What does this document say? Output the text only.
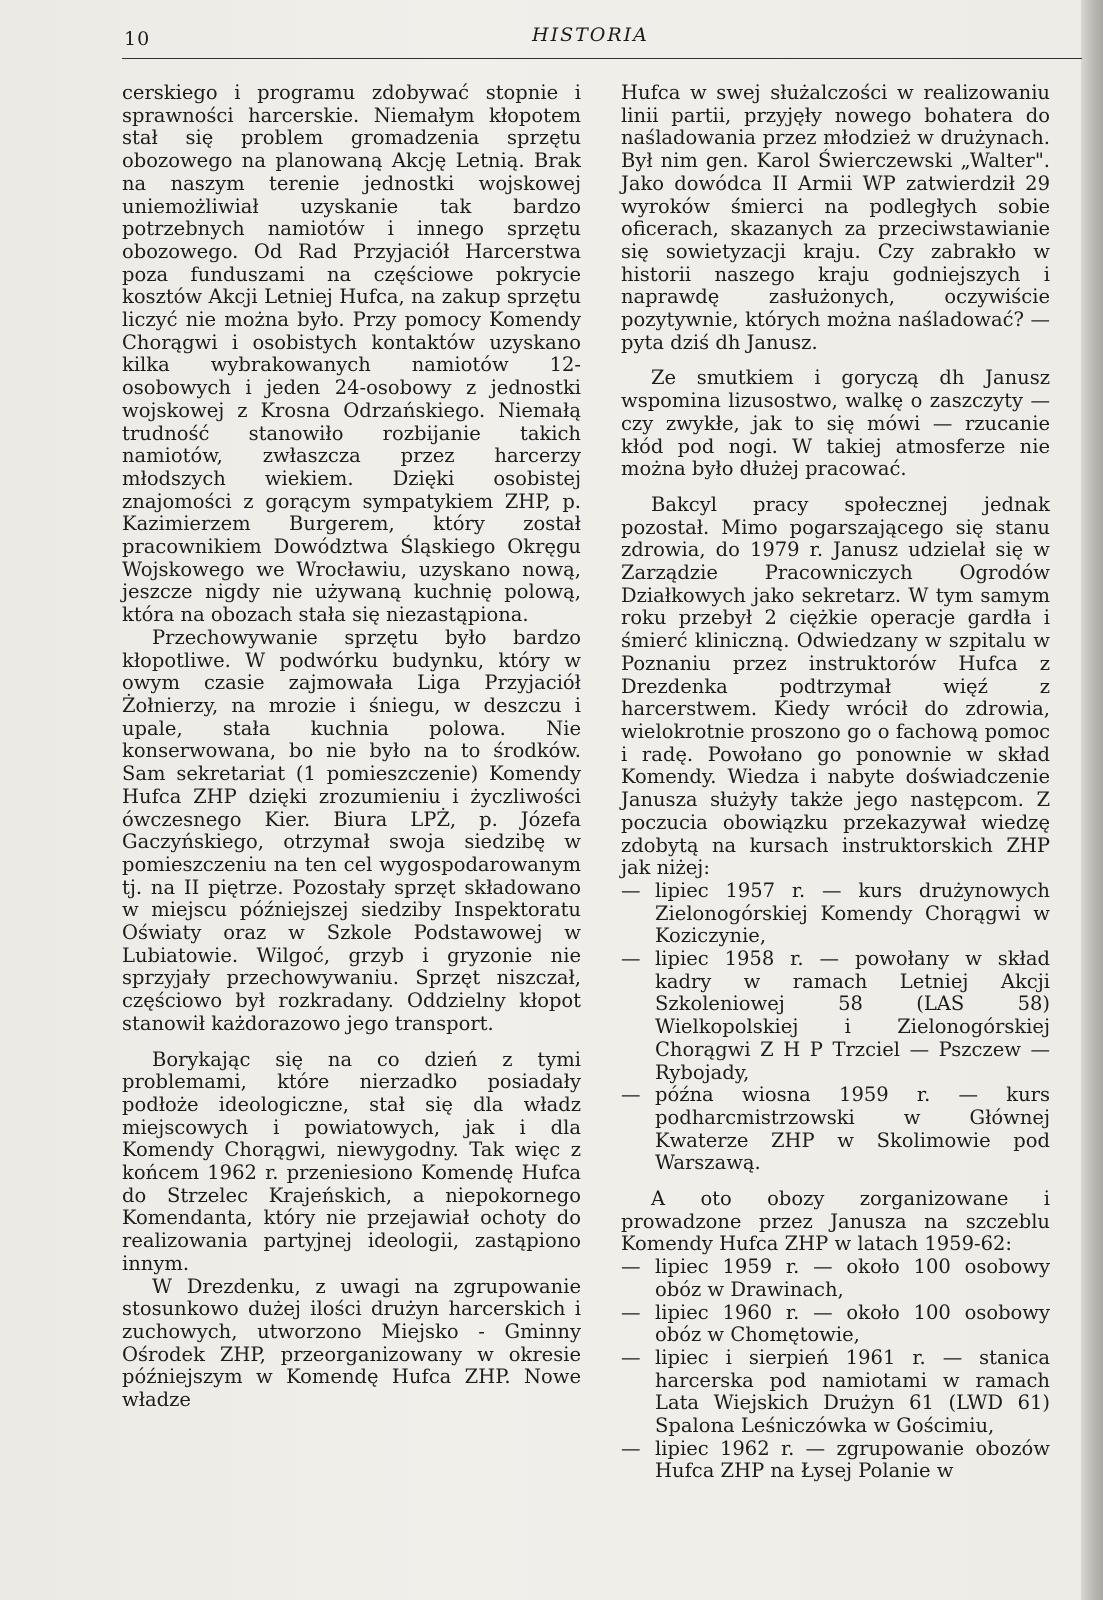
10	HISTORIA

cerskiego i programu zdobywać stopnie i sprawności harcerskie. Niemałym kłopotem stał się problem gromadzenia sprzętu obozowego na planowaną Akcję Letnią. Brak na naszym terenie jednostki wojskowej uniemożliwiał uzyskanie tak bardzo potrzebnych namiotów i innego sprzętu obozowego. Od Rad Przyjaciół Harcerstwa poza funduszami na częściowe pokrycie kosztów Akcji Letniej Hufca, na zakup sprzętu liczyć nie można było. Przy pomocy Komendy Chorągwi i osobistych kontaktów uzyskano kilka wybrakowanych namiotów 12-osobowych i jeden 24-osobowy z jednostki wojskowej z Krosna Odrzańskiego. Niemałą trudność stanowiło rozbijanie takich namiotów, zwłaszcza przez harcerzy młodszych wiekiem. Dzięki osobistej znajomości z gorącym sympatykiem ZHP, p. Kazimierzem Burgerem, który został pracownikiem Dowództwa Śląskiego Okręgu Wojskowego we Wrocławiu, uzyskano nową, jeszcze nigdy nie używaną kuchnię polową, która na obozach stała się niezastąpiona.

Przechowywanie sprzętu było bardzo kłopotliwe. W podwórku budynku, który w owym czasie zajmowała Liga Przyjaciół Żołnierzy, na mrozie i śniegu, w deszczu i upale, stała kuchnia polowa. Nie konserwowana, bo nie było na to środków. Sam sekretariat (1 pomieszczenie) Komendy Hufca ZHP dzięki zrozumieniu i życzliwości ówczesnego Kier. Biura LPŻ, p. Józefa Gaczyńskiego, otrzymał swoja siedzibę w pomieszczeniu na ten cel wygospodarowanym tj. na II piętrze. Pozostały sprzęt składowano w miejscu późniejszej siedziby Inspektoratu Oświaty oraz w Szkole Podstawowej w Lubiatowie. Wilgoć, grzyb i gryzonie nie sprzyjały przechowywaniu. Sprzęt niszczał, częściowo był rozkradany. Oddzielny kłopot stanowił każdorazowo jego transport.

Borykając się na co dzień z tymi problemami, które nierzadko posiadały podłoże ideologiczne, stał się dla władz miejscowych i powiatowych, jak i dla Komendy Chorągwi, niewygodny. Tak więc z końcem 1962 r. przeniesiono Komendę Hufca do Strzelec Krajeńskich, a niepokornego Komendanta, który nie przejawiał ochoty do realizowania partyjnej ideologii, zastąpiono innym.

W Drezdenku, z uwagi na zgrupowanie stosunkowo dużej ilości drużyn harcerskich i zuchowych, utworzono Miejsko - Gminny Ośrodek ZHP, przeorganizowany w okresie późniejszym w Komendę Hufca ZHP. Nowe władze

Hufca w swej służalczości w realizowaniu linii partii, przyjęły nowego bohatera do naśladowania przez młodzież w drużynach. Był nim gen. Karol Świerczewski „Walter". Jako dowódca II Armii WP zatwierdził 29 wyroków śmierci na podległych sobie oficerach, skazanych za przeciwstawianie się sowietyzacji kraju. Czy zabrakło w historii naszego kraju godniejszych i naprawdę zasłużonych, oczywiście pozytywnie, których można naśladować? — pyta dziś dh Janusz.

Ze smutkiem i goryczą dh Janusz wspomina lizusostwo, walkę o zaszczyty — czy zwykłe, jak to się mówi — rzucanie kłód pod nogi. W takiej atmosferze nie można było dłużej pracować.

Bakcyl pracy społecznej jednak pozostał. Mimo pogarszającego się stanu zdrowia, do 1979 r. Janusz udzielał się w Zarządzie Pracowniczych Ogrodów Działkowych jako sekretarz. W tym samym roku przebył 2 ciężkie operacje gardła i śmierć kliniczną. Odwiedzany w szpitalu w Poznaniu przez instruktorów Hufca z Drezdenka podtrzymał więź z harcerstwem. Kiedy wrócił do zdrowia, wielokrotnie proszono go o fachową pomoc i radę. Powołano go ponownie w skład Komendy. Wiedza i nabyte doświadczenie Janusza służyły także jego następcom. Z poczucia obowiązku przekazywał wiedzę zdobytą na kursach instruktorskich ZHP jak niżej:

— lipiec 1957 r. — kurs drużynowych Zielonogórskiej Komendy Chorągwi w Koziczynie,
— lipiec 1958 r. — powołany w skład kadry w ramach Letniej Akcji Szkoleniowej 58 (LAS 58) Wielkopolskiej i Zielonogórskiej Chorągwi Z H P Trzciel — Pszczew — Rybojady,
— późna wiosna 1959 r. — kurs podharcmistrzowski w Głównej Kwaterze ZHP w Skolimowie pod Warszawą.

A oto obozy zorganizowane i prowadzone przez Janusza na szczeblu Komendy Hufca ZHP w latach 1959-62:

— lipiec 1959 r. — około 100 osobowy obóz w Drawinach,
— lipiec 1960 r. — około 100 osobowy obóz w Chomętowie,
— lipiec i sierpień 1961 r. — stanica harcerska pod namiotami w ramach Lata Wiejskich Drużyn 61 (LWD 61) Spalona Leśniczówka w Gościmiu,
— lipiec 1962 r. — zgrupowanie obozów Hufca ZHP na Łysej Polanie w
